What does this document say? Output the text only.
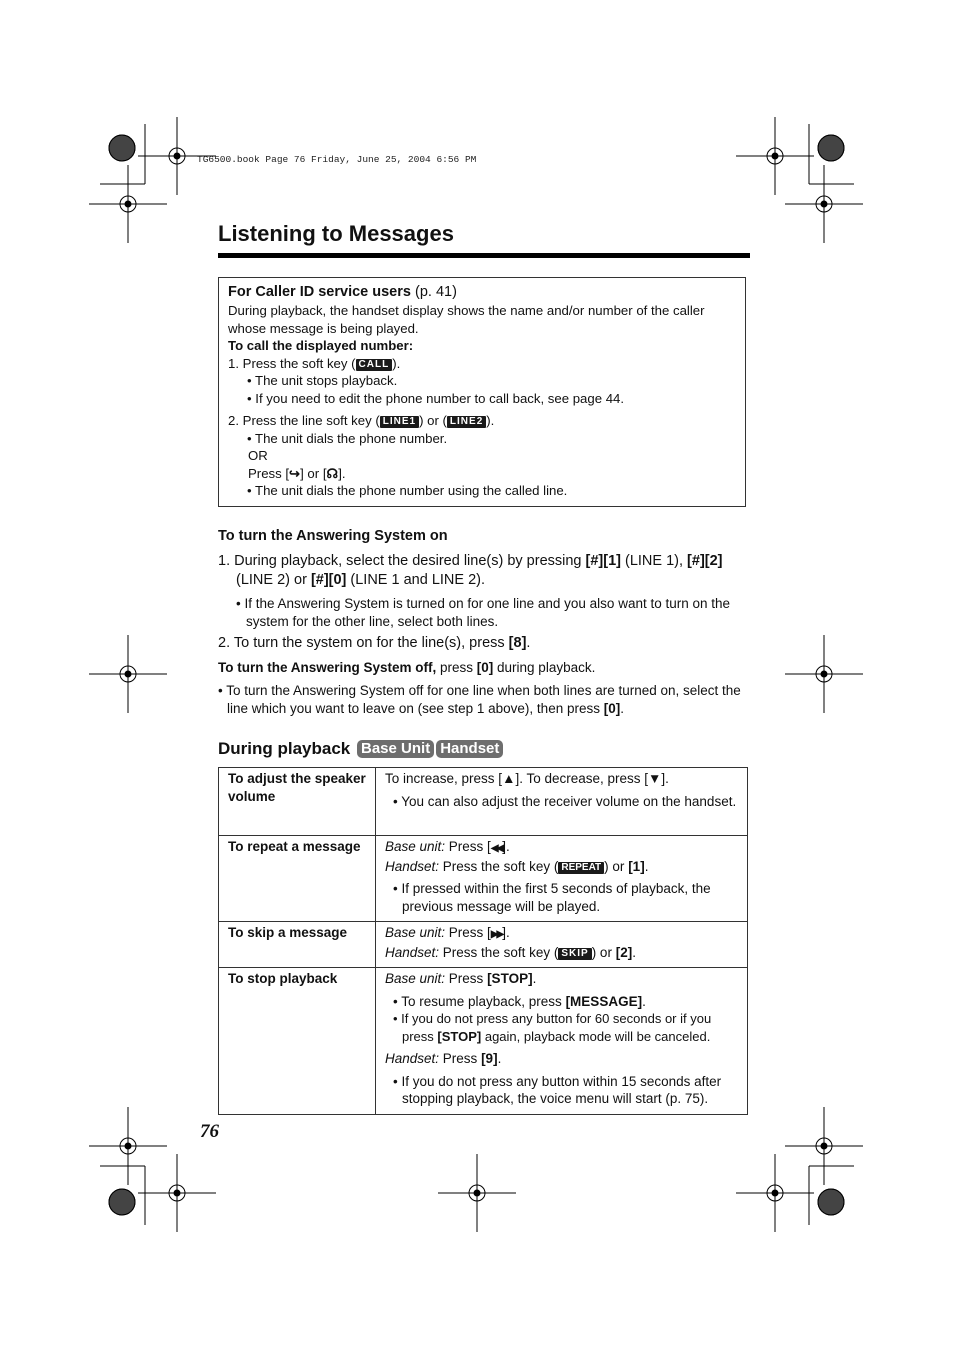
TG6500.book Page 76 Friday, June 25, 2004 6:56 PM
Listening to Messages

For Caller ID service users (p. 41)

During playback, the handset display shows the name and/or number of the caller whose message is being played.

To call the displayed number:

1. Press the soft key ( CALL ).

• The unit stops playback.

• If you need to edit the phone number to call back, see page 44.

2. Press the line soft key ( LINE1 ) or ( LINE2 ).

• The unit dials the phone number.

OR

Press [↪] or [☊].

• The unit dials the phone number using the called line.

To turn the Answering System on

1. During playback, select the desired line(s) by pressing [#][1] (LINE 1), [#][2] (LINE 2) or [#][0] (LINE 1 and LINE 2).

• If the Answering System is turned on for one line and you also want to turn on the system for the other line, select both lines.

2. To turn the system on for the line(s), press [8].

To turn the Answering System off, press [0] during playback.

• To turn the Answering System off for one line when both lines are turned on, select the line which you want to leave on (see step 1 above), then press [0].

During playback Base Unit Handset
To adjust the speaker volume	To increase, press [▲]. To decrease, press [▼].

• You can also adjust the receiver volume on the handset.

To repeat a message	Base unit: Press [◀◀].

Handset: Press the soft key ( REPEAT ) or [1].

• If pressed within the first 5 seconds of playback, the previous message will be played.

To skip a message	Base unit: Press [▶▶].

Handset: Press the soft key ( SKIP ) or [2].

To stop playback	Base unit: Press [STOP].

• To resume playback, press [MESSAGE].

• If you do not press any button for 60 seconds or if you press [STOP] again, playback mode will be canceled.

Handset: Press [9].

• If you do not press any button within 15 seconds after stopping playback, the voice menu will start (p. 75).

76
